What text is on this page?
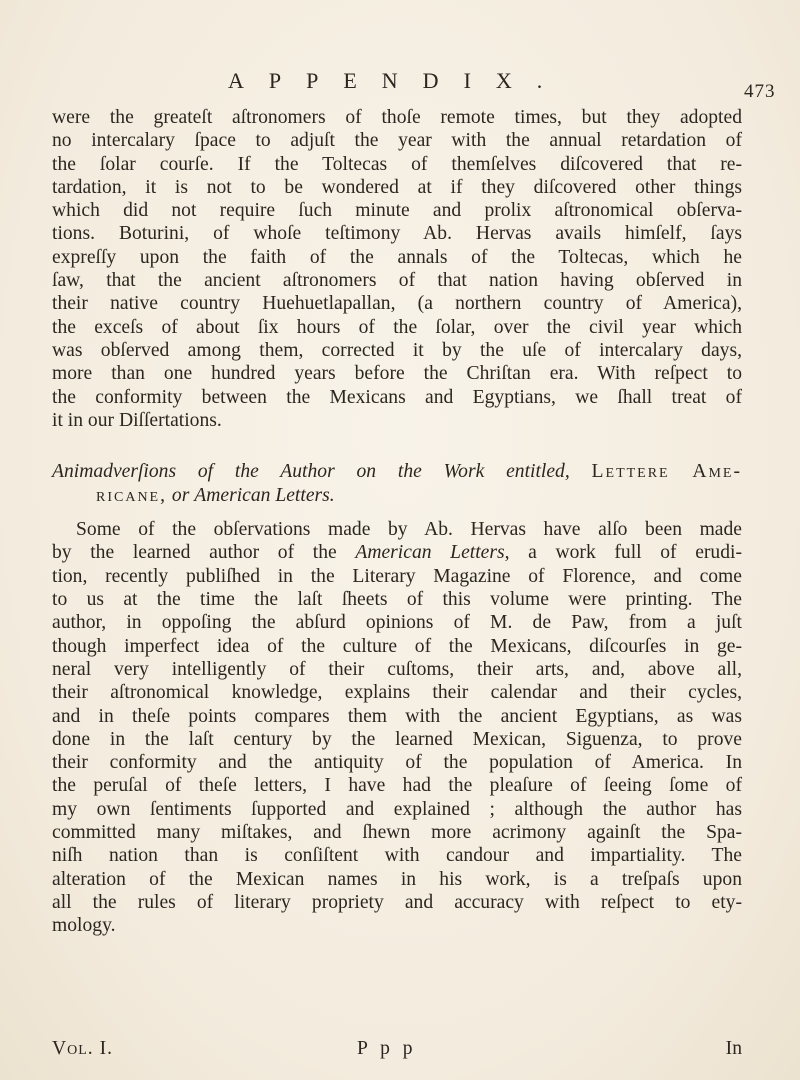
APPENDIX.	473
were the greateſt aſtronomers of thoſe remote times, but they adopted
no intercalary ſpace to adjuſt the year with the annual retardation of
the ſolar courſe. If the Toltecas of themſelves diſcovered that re-
tardation, it is not to be wondered at if they diſcovered other things
which did not require ſuch minute and prolix aſtronomical obſerva-
tions. Boturini, of whoſe teſtimony Ab. Hervas avails himſelf, ſays
expreſſy upon the faith of the annals of the Toltecas, which he
ſaw, that the ancient aſtronomers of that nation having obſerved in
their native country Huehuetlapallan, (a northern country of America),
the exceſs of about ſix hours of the ſolar, over the civil year which
was obſerved among them, corrected it by the uſe of intercalary days,
more than one hundred years before the Chriſtan era. With reſpect to
the conformity between the Mexicans and Egyptians, we ſhall treat of
it in our Diſſertations.
Animadverſions of the Author on the Work entitled, Lettere Ame-
ricane, or American Letters.
Some of the obſervations made by Ab. Hervas have alſo been made
by the learned author of the American Letters, a work full of erudi-
tion, recently publiſhed in the Literary Magazine of Florence, and come
to us at the time the laſt ſheets of this volume were printing. The
author, in oppoſing the abſurd opinions of M. de Paw, from a juſt
though imperfect idea of the culture of the Mexicans, diſcourſes in ge-
neral very intelligently of their cuſtoms, their arts, and, above all,
their aſtronomical knowledge, explains their calendar and their cycles,
and in theſe points compares them with the ancient Egyptians, as was
done in the laſt century by the learned Mexican, Siguenza, to prove
their conformity and the antiquity of the population of America. In
the peruſal of theſe letters, I have had the pleaſure of ſeeing ſome of
my own ſentiments ſupported and explained ; although the author has
committed many miſtakes, and ſhewn more acrimony againſt the Spa-
niſh nation than is conſiſtent with candour and impartiality. The
alteration of the Mexican names in his work, is a treſpaſs upon
all the rules of literary propriety and accuracy with reſpect to ety-
mology.
Vol. I.	P p p	In
